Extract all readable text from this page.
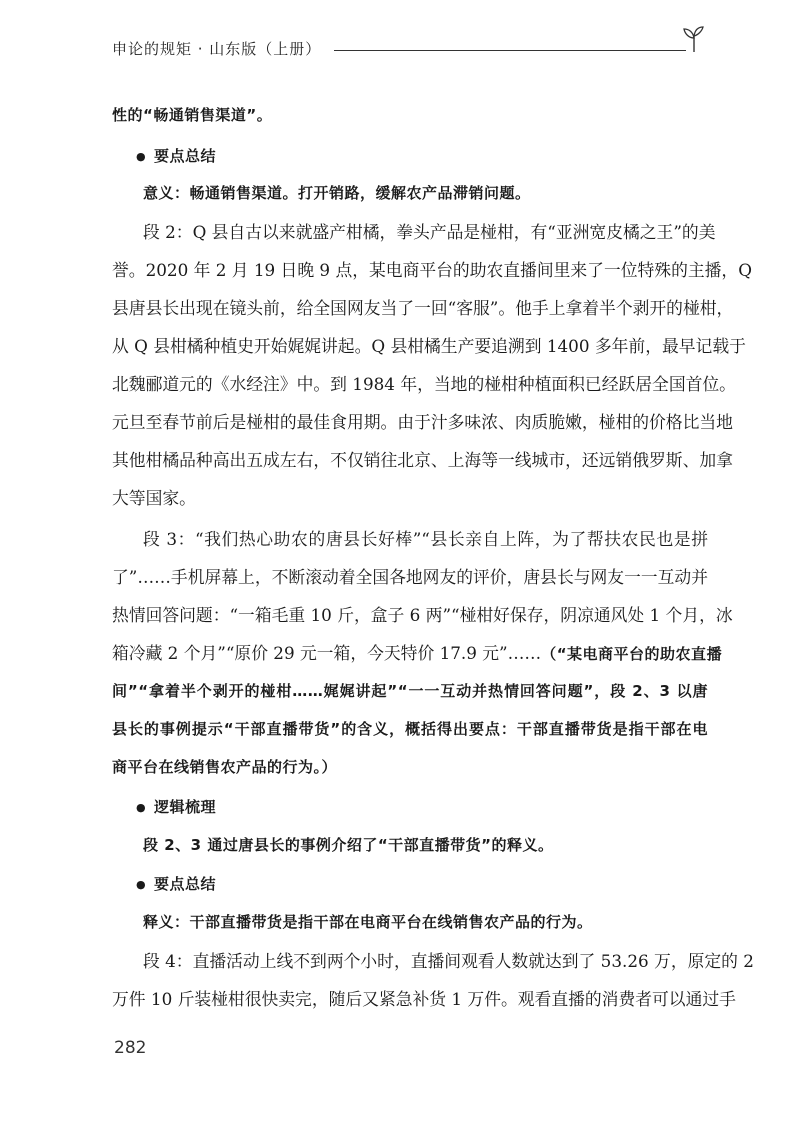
申论的规矩 · 山东版（上册）
性的“畅通销售渠道”。
● 要点总结
意义：畅通销售渠道。打开销路，缓解农产品滞销问题。
段 2：Q 县自古以来就盛产柑橘，拳头产品是椪柑，有“亚洲宽皮橘之王”的美
誉。2020 年 2 月 19 日晚 9 点，某电商平台的助农直播间里来了一位特殊的主播，Q
县唐县长出现在镜头前，给全国网友当了一回“客服”。他手上拿着半个剥开的椪柑，
从 Q 县柑橘种植史开始娓娓讲起。Q 县柑橘生产要追溯到 1400 多年前，最早记载于
北魏郦道元的《水经注》中。到 1984 年，当地的椪柑种植面积已经跃居全国首位。
元旦至春节前后是椪柑的最佳食用期。由于汁多味浓、肉质脆嫩，椪柑的价格比当地
其他柑橘品种高出五成左右，不仅销往北京、上海等一线城市，还远销俄罗斯、加拿
大等国家。
段 3：“我们热心助农的唐县长好棒”“县长亲自上阵，为了帮扶农民也是拼
了”……手机屏幕上，不断滚动着全国各地网友的评价，唐县长与网友一一互动并
热情回答问题：“一箱毛重 10 斤，盒子 6 两”“椪柑好保存，阴凉通风处 1 个月，冰
箱冷藏 2 个月”“原价 29 元一箱，今天特价 17.9 元”……（“某电商平台的助农直播
间”“拿着半个剥开的椪柑……娓娓讲起”“一一互动并热情回答问题”，段 2、3 以唐
县长的事例提示“干部直播带货”的含义，概括得出要点：干部直播带货是指干部在电
商平台在线销售农产品的行为。）
● 逻辑梳理
段 2、3 通过唐县长的事例介绍了“干部直播带货”的释义。
● 要点总结
释义：干部直播带货是指干部在电商平台在线销售农产品的行为。
段 4：直播活动上线不到两个小时，直播间观看人数就达到了 53.26 万，原定的 2
万件 10 斤装椪柑很快卖完，随后又紧急补货 1 万件。观看直播的消费者可以通过手
282
